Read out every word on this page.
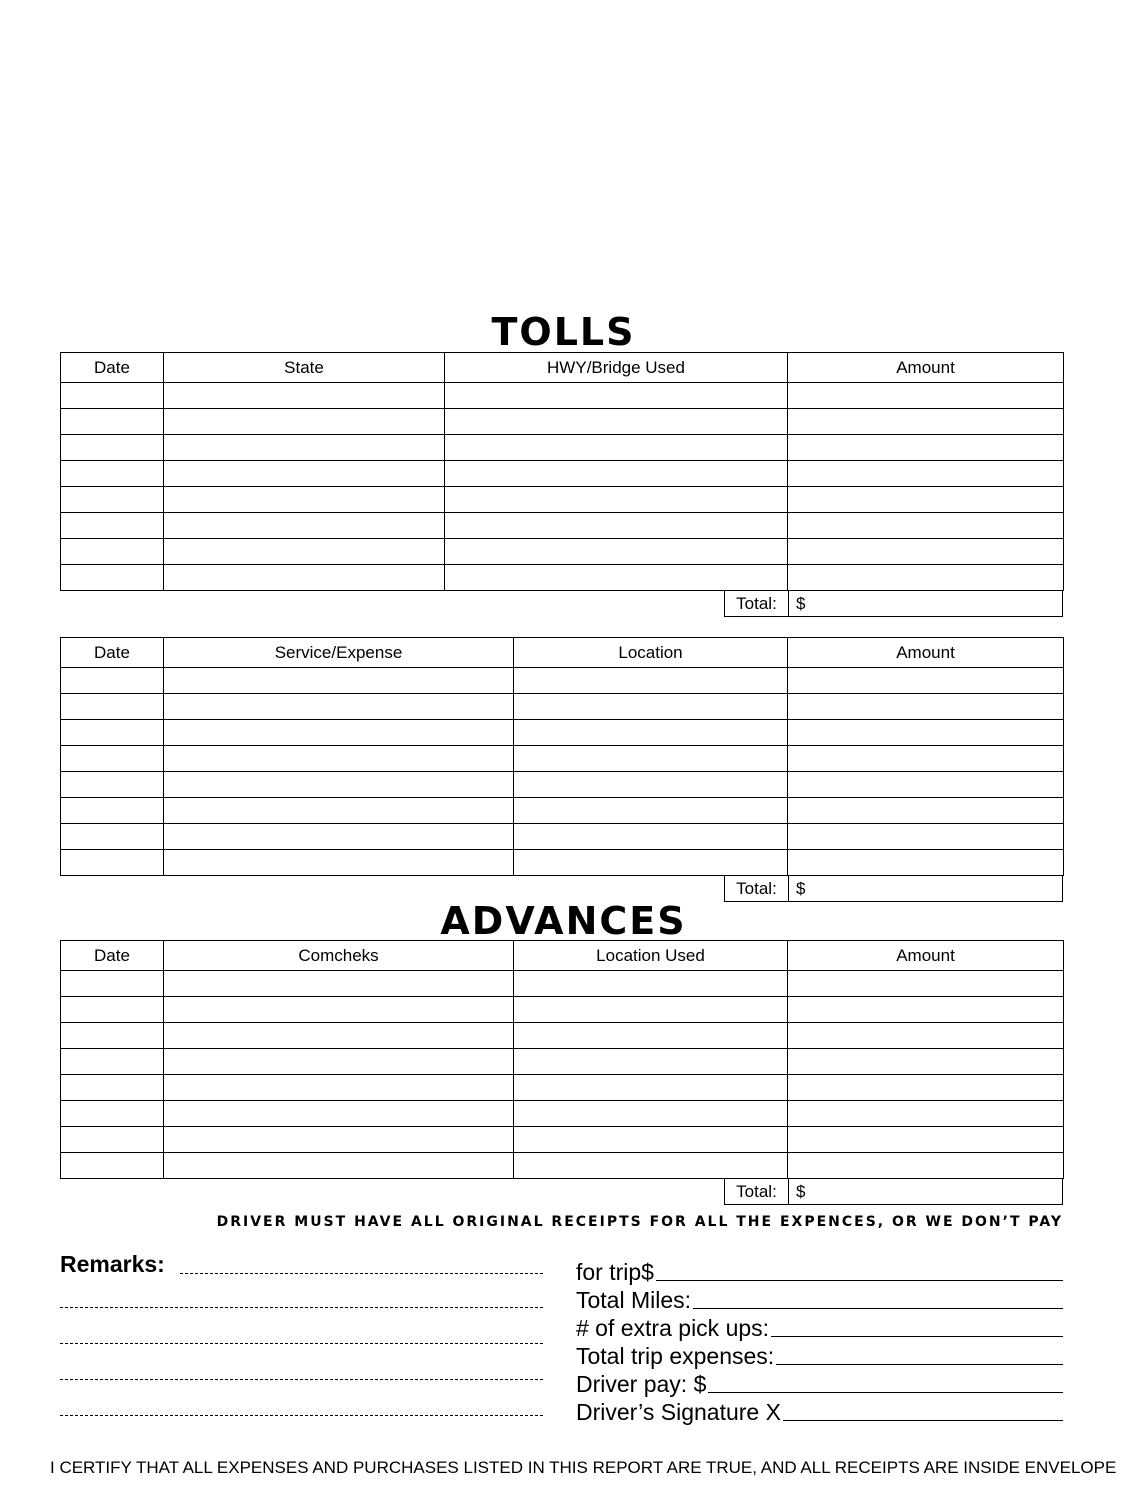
TOLLS
Date	State	HWY/Bridge Used	Amount

Total:	$
Date	Service/Expense	Location	Amount

Total:	$
ADVANCES
Date	Comcheks	Location Used	Amount

Total:	$
DRIVER MUST HAVE ALL ORIGINAL RECEIPTS FOR ALL THE EXPENCES, OR WE DON’T PAY
Remarks:	for trip$
Total Miles:
# of extra pick ups:
Total trip expenses:
Driver pay: $
Driver’s Signature X
I CERTIFY THAT ALL EXPENSES AND PURCHASES LISTED IN THIS REPORT ARE TRUE, AND ALL RECEIPTS ARE INSIDE ENVELOPE
